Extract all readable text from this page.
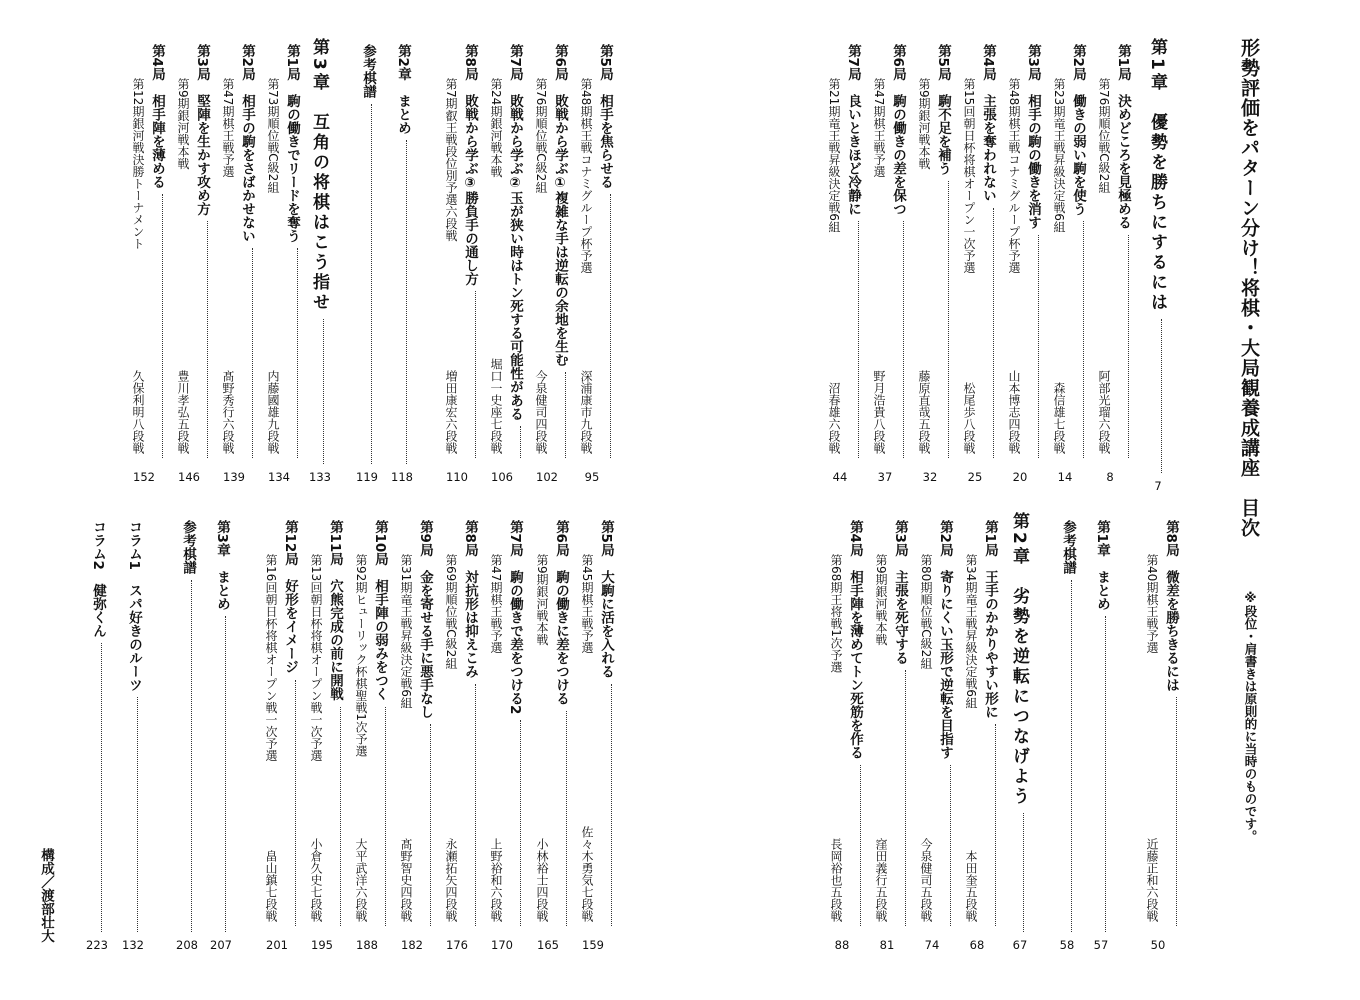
形勢評価をパターン分け！将棋・大局観養成講座　目次
※段位・肩書きは原則的に当時のものです。
構成／渡部壮大
第1章　優勢を勝ちにするには
7
第1局　決めどころを見極める
第76期順位戦C級2組
阿部光瑠六段戦
8
第2局　働きの弱い駒を使う
第23期竜王戦昇級決定戦6組
森信雄七段戦
14
第3局　相手の駒の働きを消す
第48期棋王戦コナミグループ杯予選
山本博志四段戦
20
第4局　主張を奪われない
第15回朝日杯将棋オープン一次予選
松尾歩八段戦
25
第5局　駒不足を補う
第9期銀河戦本戦
藤原直哉五段戦
32
第6局　駒の働きの差を保つ
第47期棋王戦予選
野月浩貴八段戦
37
第7局　良いときほど冷静に
第21期竜王戦昇級決定戦6組
沼春雄六段戦
44
第8局　微差を勝ちきるには
第40期棋王戦予選
近藤正和六段戦
50
第1章　まとめ
57
参考棋譜
58
第2章　劣勢を逆転につなげよう
67
第1局　王手のかかりやすい形に
第34期竜王戦昇級決定戦6組
本田奎五段戦
68
第2局　寄りにくい玉形で逆転を目指す
第80期順位戦C級2組
今泉健司五段戦
74
第3局　主張を死守する
第9期銀河戦本戦
窪田義行五段戦
81
第4局　相手陣を薄めてトン死筋を作る
第68期王将戦1次予選
長岡裕也五段戦
88
第5局　相手を焦らせる
第48期棋王戦コナミグループ杯予選
深浦康市九段戦
95
第6局　敗戦から学ぶ①複雑な手は逆転の余地を生む
第76期順位戦C級2組
今泉健司四段戦
102
第7局　敗戦から学ぶ②玉が狭い時はトン死する可能性がある
第24期銀河戦本戦
堀口一史座七段戦
106
第8局　敗戦から学ぶ③勝負手の通し方
第7期叡王戦段位別予選六段戦
増田康宏六段戦
110
第2章　まとめ
118
参考棋譜
119
第3章　互角の将棋はこう指せ
133
第1局　駒の働きでリードを奪う
第73期順位戦C級2組
内藤國雄九段戦
134
第2局　相手の駒をさばかせない
第47期棋王戦予選
髙野秀行六段戦
139
第3局　堅陣を生かす攻め方
第9期銀河戦本戦
豊川孝弘五段戦
146
第4局　相手陣を薄める
第12期銀河戦決勝トーナメント
久保利明八段戦
152
第5局　大駒に活を入れる
第45期棋王戦予選
佐々木勇気七段戦
159
第6局　駒の働きに差をつける
第9期銀河戦本戦
小林裕士四段戦
165
第7局　駒の働きで差をつける2
第47期棋王戦予選
上野裕和六段戦
170
第8局　対抗形は抑えこみ
第69期順位戦C級2組
永瀬拓矢四段戦
176
第9局　金を寄せる手に悪手なし
第31期竜王戦昇級決定戦6組
髙野智史四段戦
182
第10局　相手陣の弱みをつく
第92期ヒューリック杯棋聖戦1次予選
大平武洋六段戦
188
第11局　穴熊完成の前に開戦
第13回朝日杯将棋オープン戦一次予選
小倉久史七段戦
195
第12局　好形をイメージ
第16回朝日杯将棋オープン戦一次予選
畠山鎮七段戦
201
第3章　まとめ
207
参考棋譜
208
コラム1　スパ好きのルーツ
132
コラム2　健弥くん
223
